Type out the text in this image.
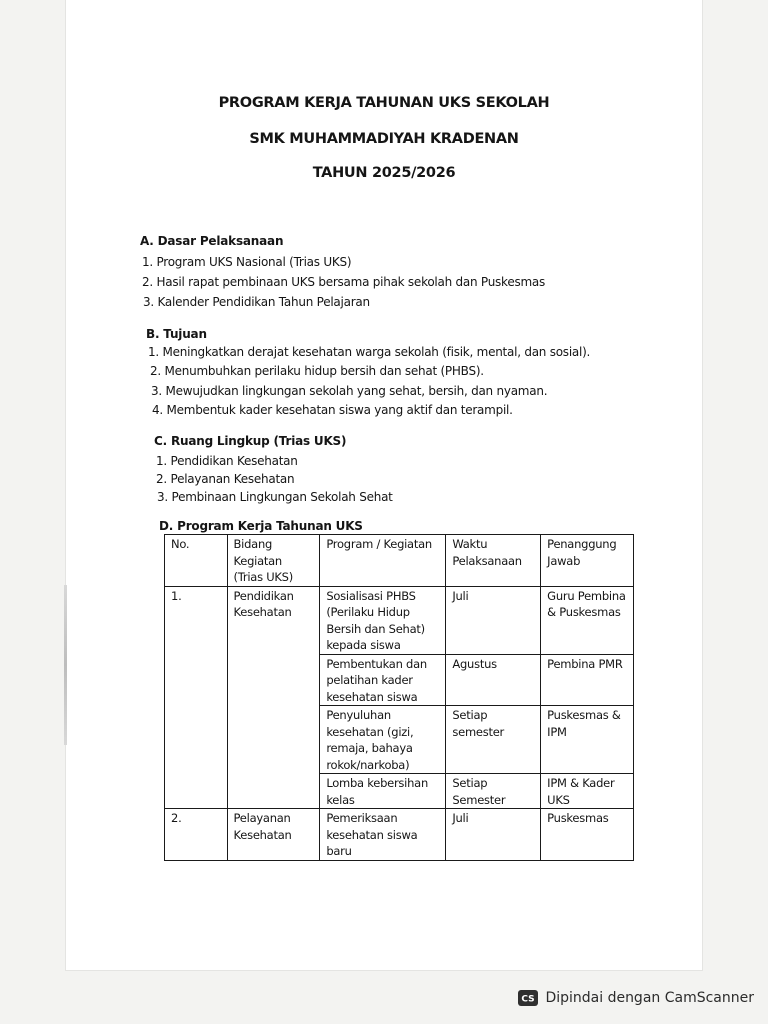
PROGRAM KERJA TAHUNAN UKS SEKOLAH
SMK MUHAMMADIYAH KRADENAN
TAHUN 2025/2026
A. Dasar Pelaksanaan
1. Program UKS Nasional (Trias UKS)
2. Hasil rapat pembinaan UKS bersama pihak sekolah dan Puskesmas
3. Kalender Pendidikan Tahun Pelajaran
B. Tujuan
1. Meningkatkan derajat kesehatan warga sekolah (fisik, mental, dan sosial).
2. Menumbuhkan perilaku hidup bersih dan sehat (PHBS).
3. Mewujudkan lingkungan sekolah yang sehat, bersih, dan nyaman.
4. Membentuk kader kesehatan siswa yang aktif dan terampil.
C. Ruang Lingkup (Trias UKS)
1. Pendidikan Kesehatan
2. Pelayanan Kesehatan
3. Pembinaan Lingkungan Sekolah Sehat
D. Program Kerja Tahunan UKS
No.	Bidang Kegiatan (Trias UKS)	Program / Kegiatan	Waktu Pelaksanaan	Penanggung Jawab
1.	Pendidikan Kesehatan	Sosialisasi PHBS (Perilaku Hidup Bersih dan Sehat) kepada siswa	Juli	Guru Pembina & Puskesmas
		Pembentukan dan pelatihan kader kesehatan siswa	Agustus	Pembina PMR
		Penyuluhan kesehatan (gizi, remaja, bahaya rokok/narkoba)	Setiap semester	Puskesmas & IPM
		Lomba kebersihan kelas	Setiap Semester	IPM & Kader UKS
2.	Pelayanan Kesehatan	Pemeriksaan kesehatan siswa baru	Juli	Puskesmas
CS Dipindai dengan CamScanner
